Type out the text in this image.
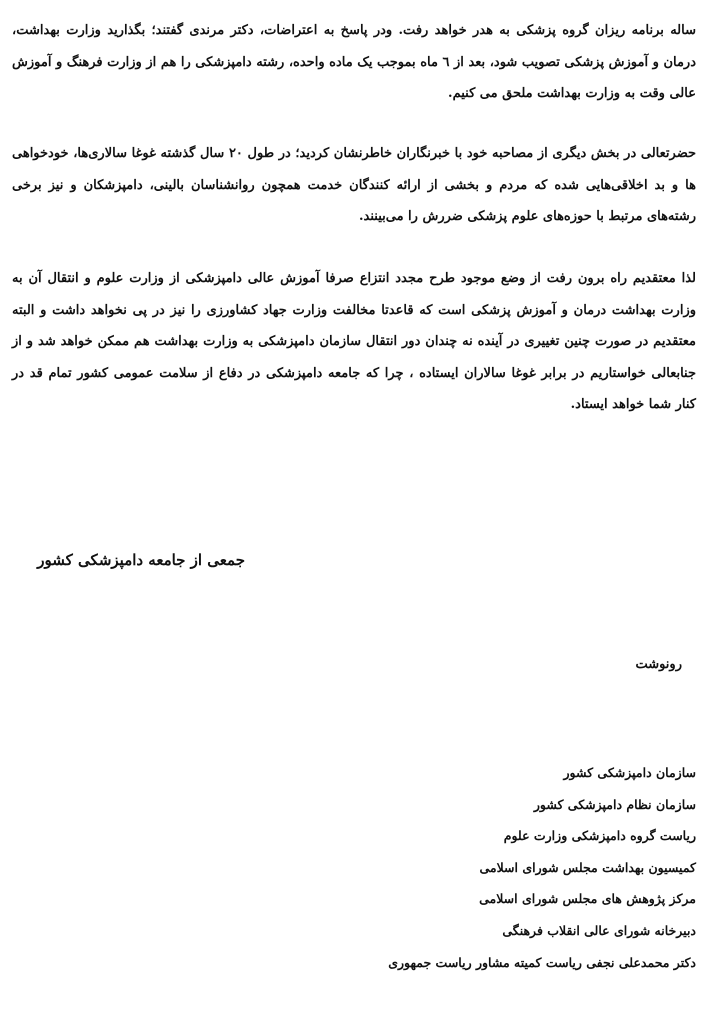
ساله برنامه ریزان گروه پزشکی به هدر خواهد رفت. ودر پاسخ به اعتراضات، دکتر مرندی گفتند؛ بگذارید وزارت بهداشت، درمان و آموزش پزشکی تصویب شود، بعد از ٦ ماه بموجب یک ماده واحده، رشته دامپزشکی را هم از وزارت فرهنگ و آموزش عالی وقت به وزارت بهداشت ملحق می کنیم.

حضرتعالی در بخش دیگری از مصاحبه خود با خبرنگاران خاطرنشان کردید؛ در طول ٢٠ سال گذشته غوغا سالاری‌ها، خودخواهی ها و بد اخلاقی‌هایی شده که مردم و بخشی از ارائه کنندگان خدمت همچون روانشناسان بالینی، دامپزشکان و نیز برخی رشته‌های مرتبط با حوزه‌های علوم پزشکی ضررش را می‌بینند.

لذا معتقدیم راه برون رفت از وضع موجود طرح مجدد انتزاع صرفا آموزش عالی دامپزشکی از وزارت علوم و انتقال آن به وزارت بهداشت درمان و آموزش پزشکی است که قاعدتا مخالفت وزارت جهاد کشاورزی را نیز در پی نخواهد داشت و البته معتقدیم در صورت چنین تغییری در آینده نه چندان دور انتقال سازمان دامپزشکی به وزارت بهداشت هم ممکن خواهد شد و از جنابعالی خواستاریم در برابر غوغا سالاران ایستاده ، چرا که جامعه دامپزشکی در دفاع از سلامت عمومی کشور تمام قد در کنار شما خواهد ایستاد.

جمعی از جامعه دامپزشکی کشور
رونوشت
سازمان دامپزشکی کشور
سازمان نظام دامپزشکی کشور
ریاست گروه دامپزشکی وزارت علوم
کمیسیون بهداشت مجلس شورای اسلامی
مرکز پژوهش های مجلس شورای اسلامی
دبیرخانه شورای عالی انقلاب فرهنگی
دکتر محمدعلی نجفی ریاست کمیته مشاور ریاست جمهوری
